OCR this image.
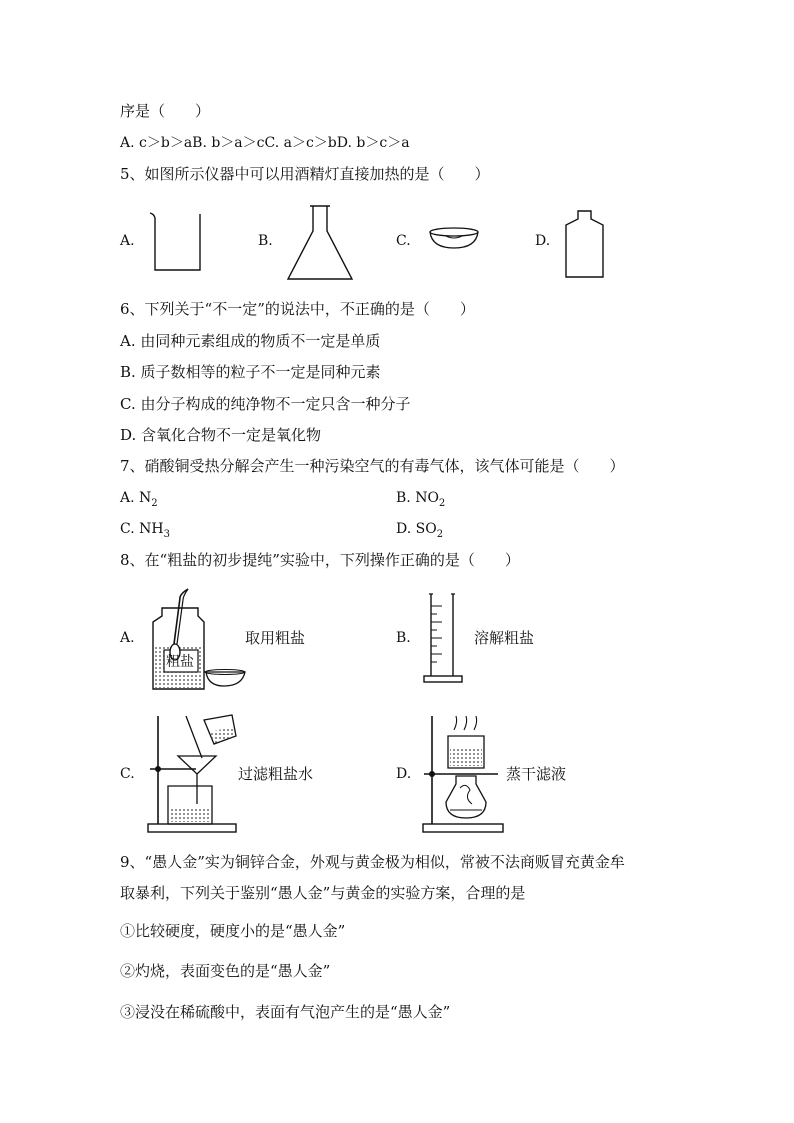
序是（　　）
A. c＞b＞aB. b＞a＞cC. a＞c＞bD. b＞c＞a
5、如图所示仪器中可以用酒精灯直接加热的是（　　）
A.	B.	C.	D.
6、下列关于“不一定”的说法中，不正确的是（　　）
A. 由同种元素组成的物质不一定是单质
B. 质子数相等的粒子不一定是同种元素
C. 由分子构成的纯净物不一定只含一种分子
D. 含氧化合物不一定是氧化物
7、硝酸铜受热分解会产生一种污染空气的有毒气体，该气体可能是（　　）
A. $N_2$	B. $NO_2$
C. $NH_3$	D. $SO_2$
8、在“粗盐的初步提纯”实验中，下列操作正确的是（　　）
A.
粗盐
取用粗盐	B.	溶解粗盐
C.	过滤粗盐水	D.	蒸干滤液
9、“愚人金”实为铜锌合金，外观与黄金极为相似，常被不法商贩冒充黄金牟
取暴利，下列关于鉴别“愚人金”与黄金的实验方案，合理的是
①比较硬度，硬度小的是“愚人金”
②灼烧，表面变色的是“愚人金”
③浸没在稀硫酸中，表面有气泡产生的是“愚人金”
